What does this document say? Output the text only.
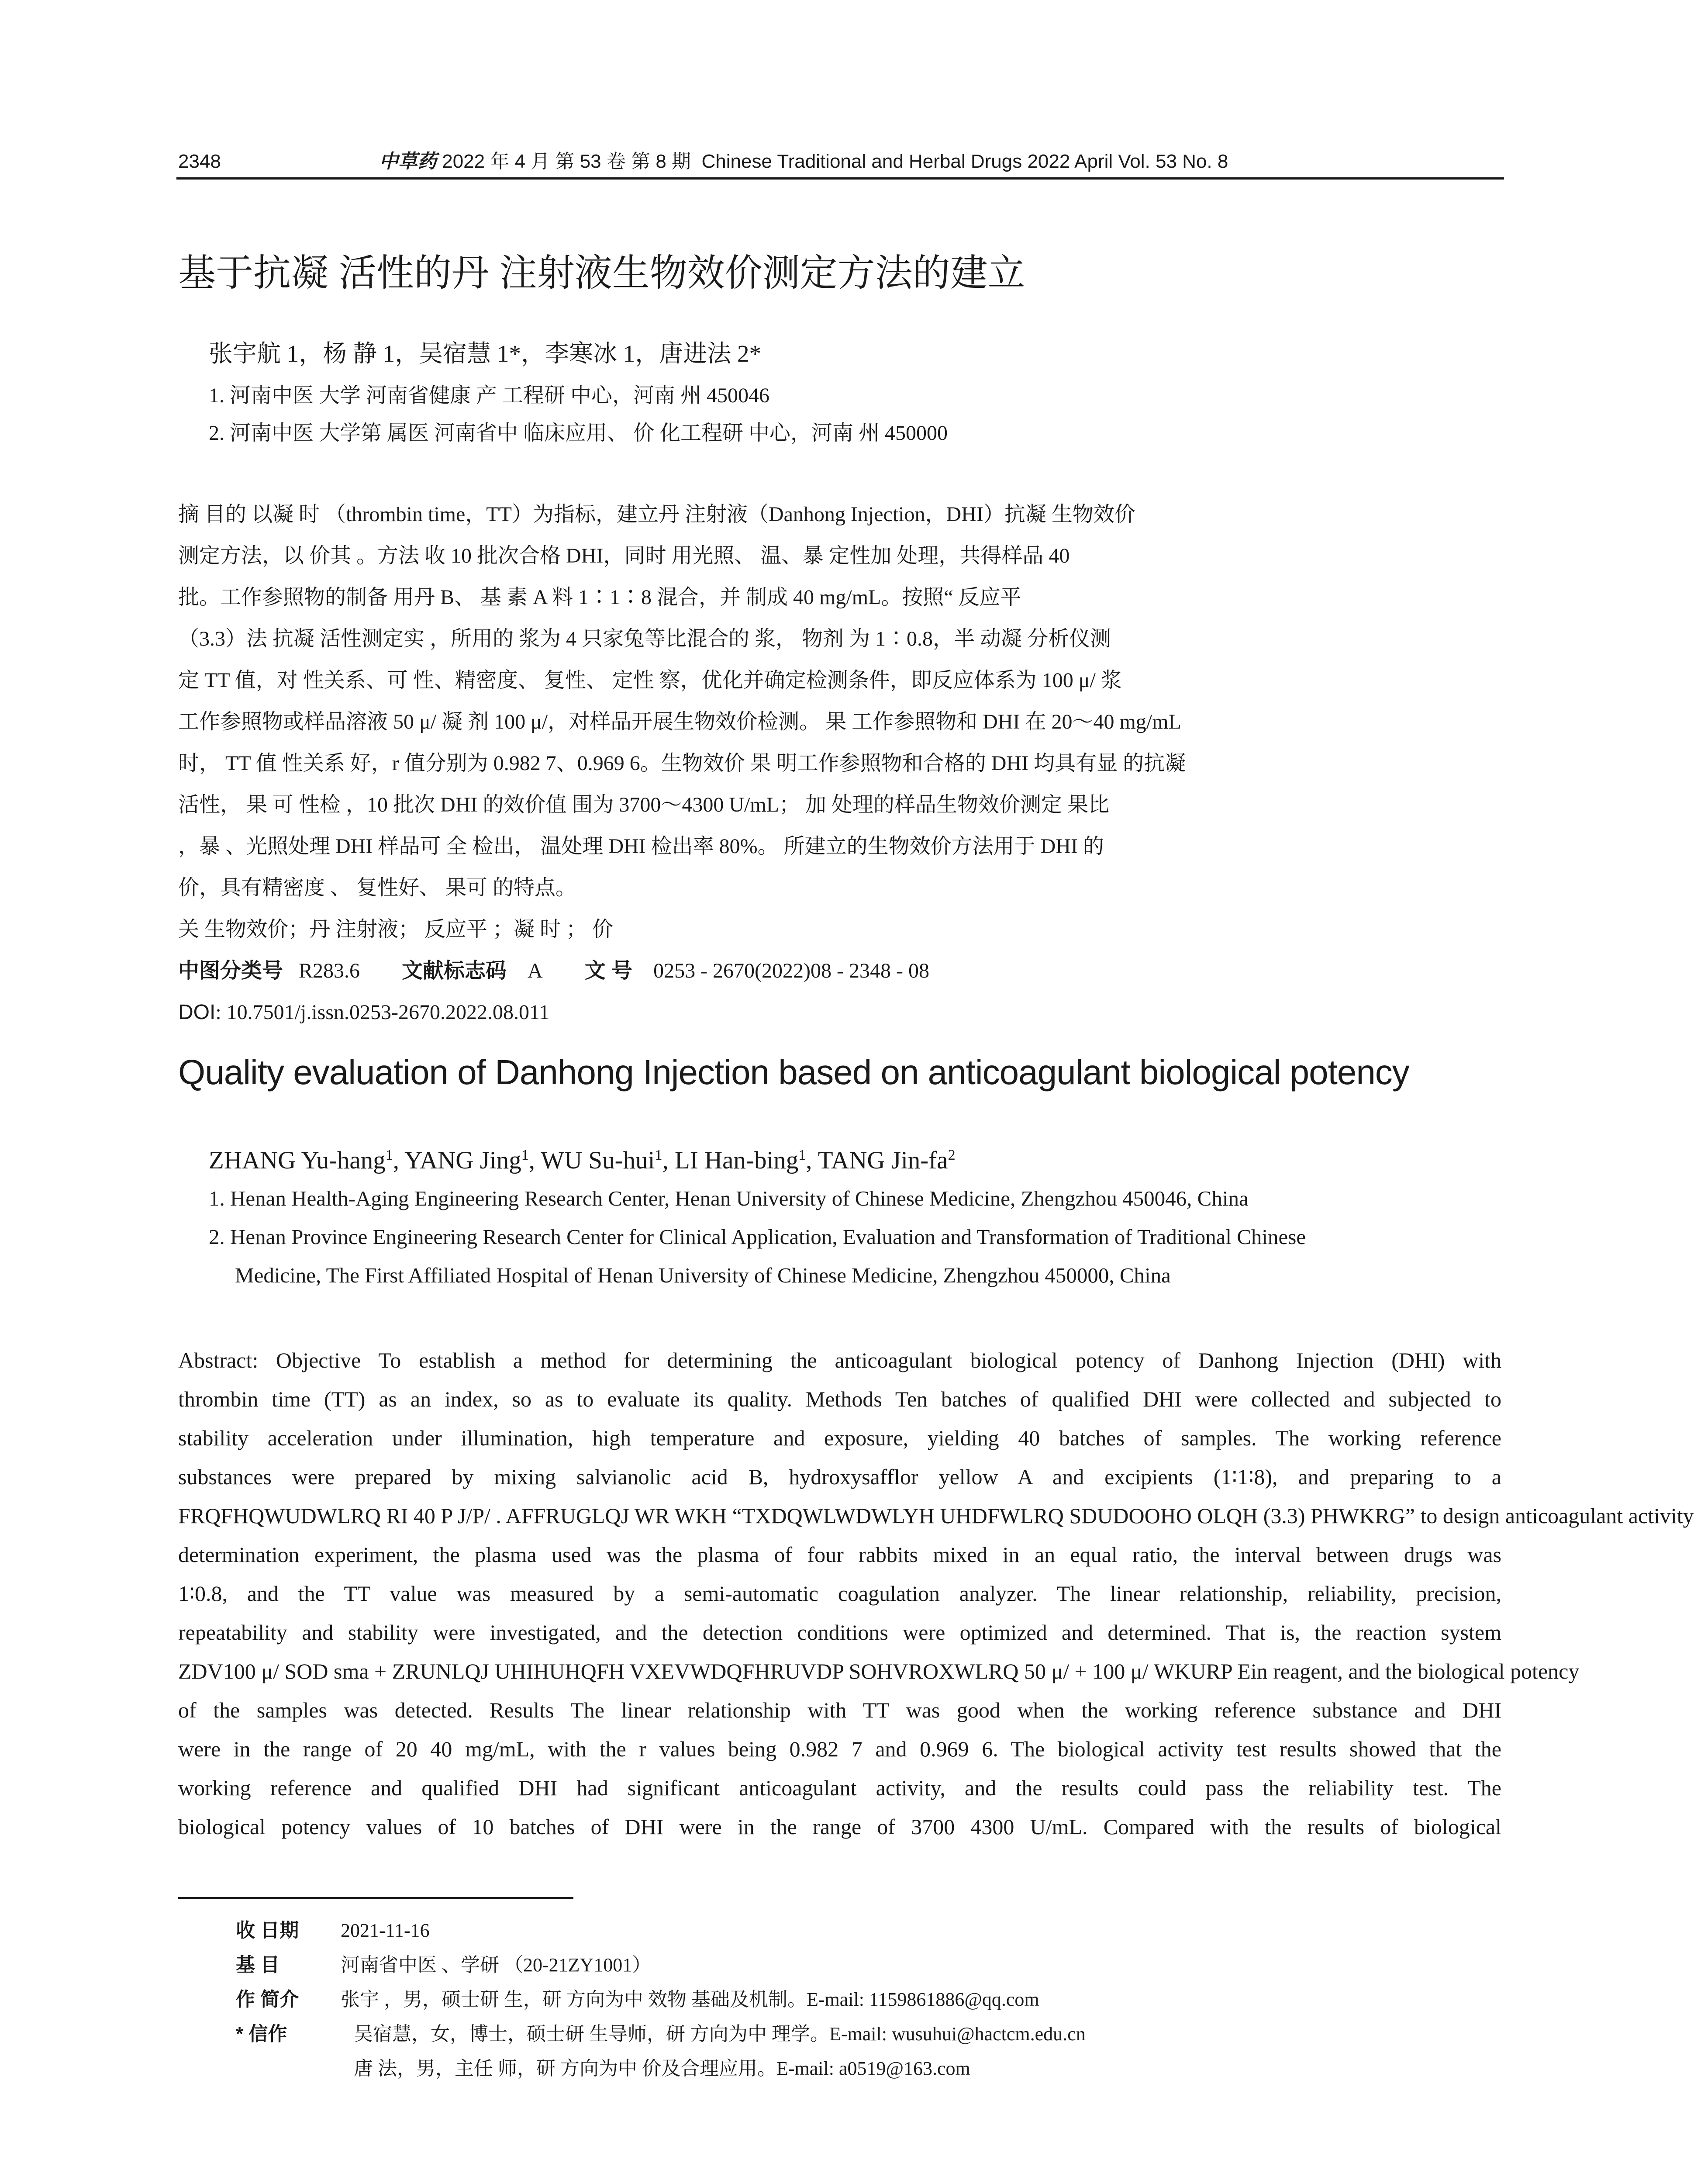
2348	中草药 2022 年 4 月 第 53 卷 第 8 期 Chinese Traditional and Herbal Drugs 2022 April Vol. 53 No. 8
基于抗凝 活性的丹 注射液生物效价测定方法的建立
张宇航 1，杨 静 1，吴宿慧 1*，李寒冰 1，唐进法 2*
1. 河南中医 大学 河南省健康 产 工程研 中心，河南 州 450046
2. 河南中医 大学第 属医 河南省中 临床应用、 价 化工程研 中心，河南 州 450000
摘 目的 以凝 时 （thrombin time，TT）为指标，建立丹 注射液（Danhong Injection，DHI）抗凝 生物效价
测定方法，以 价其 。方法 收 10 批次合格 DHI，同时 用光照、 温、暴 定性加 处理，共得样品 40
批。工作参照物的制备 用丹 B、 基 素 A 料 1∶1∶8 混合，并 制成 40 mg/mL。按照“ 反应平
（3.3）法 抗凝 活性测定实 ，所用的 浆为 4 只家兔等比混合的 浆， 物剂 为 1∶0.8，半 动凝 分析仪测
定 TT 值，对 性关系、可 性、精密度、 复性、 定性 察，优化并确定检测条件，即反应体系为 100 μ/ 浆
工作参照物或样品溶液 50 μ/ 凝 剂 100 μ/，对样品开展生物效价检测。 果 工作参照物和 DHI 在 20～40 mg/mL
时， TT 值 性关系 好，r 值分别为 0.982 7、0.969 6。生物效价 果 明工作参照物和合格的 DHI 均具有显 的抗凝
活性， 果 可 性检 ，10 批次 DHI 的效价值 围为 3700～4300 U/mL； 加 处理的样品生物效价测定 果比
，暴 、光照处理 DHI 样品可 全 检出， 温处理 DHI 检出率 80%。 所建立的生物效价方法用于 DHI 的
价，具有精密度 、 复性好、 果可 的特点。
关 生物效价；丹 注射液； 反应平 ；凝 时 ； 价
中图分类号 R283.6 文献标志码 A 文 号 0253 - 2670(2022)08 - 2348 - 08
DOI: 10.7501/j.issn.0253-2670.2022.08.011
Quality evaluation of Danhong Injection based on anticoagulant biological potency
ZHANG Yu-hang$^1$, YANG Jing$^1$, WU Su-hui$^1$, LI Han-bing$^1$, TANG Jin-$fa^2$
1. Henan Health-Aging Engineering Research Center, Henan University of Chinese Medicine, Zhengzhou 450046, China
2. Henan Province Engineering Research Center for Clinical Application, Evaluation and Transformation of Traditional Chinese
Medicine, The First Affiliated Hospital of Henan University of Chinese Medicine, Zhengzhou 450000, China
Abstract: Objective To establish a method for determining the anticoagulant biological potency of Danhong Injection (DHI) with
thrombin time (TT) as an index, so as to evaluate its quality. Methods Ten batches of qualified DHI were collected and subjected to
stability acceleration under illumination, high temperature and exposure, yielding 40 batches of samples. The working reference
substances were prepared by mixing salvianolic acid B, hydroxysafflor yellow A and excipients (1∶1∶8), and preparing to a
FRQFHQWUDWLRQ RI 40 P J/P/ . AFFRUGLQJ WR WKH “TXDQWLWDWLYH UHDFWLRQ SDUDOOHO OLQH (3.3) PHWKRG” to design anticoagulant activity
determination experiment, the plasma used was the plasma of four rabbits mixed in an equal ratio, the interval between drugs was
1∶0.8, and the TT value was measured by a semi-automatic coagulation analyzer. The linear relationship, reliability, precision,
repeatability and stability were investigated, and the detection conditions were optimized and determined. That is, the reaction system
ZDV100 μ/ SOD sma + ZRUNLQJ UHIHUHQFH VXEVWDQFHRUVDP SOHVROXWLRQ 50 μ/ + 100 μ/ WKURP Ein reagent, and the biological potency
of the samples was detected. Results The linear relationship with TT was good when the working reference substance and DHI
were in the range of 20 40 mg/mL, with the r values being 0.982 7 and 0.969 6. The biological activity test results showed that the
working reference and qualified DHI had significant anticoagulant activity, and the results could pass the reliability test. The
biological potency values of 10 batches of DHI were in the range of 3700 4300 U/mL. Compared with the results of biological
收 日期 2021-11-16
基 目	河南省中医 、学研 （20-21ZY1001）
作 简介 张宇 ，男，硕士研 生，研 方向为中 效物 基础及机制。E-mail: 1159861886@qq.com
* 信作	吴宿慧，女，博士，硕士研 生导师，研 方向为中 理学。E-mail: wusuhui@hactcm.edu.cn
唐 法，男，主任 师，研 方向为中 价及合理应用。E-mail: a0519@163.com
